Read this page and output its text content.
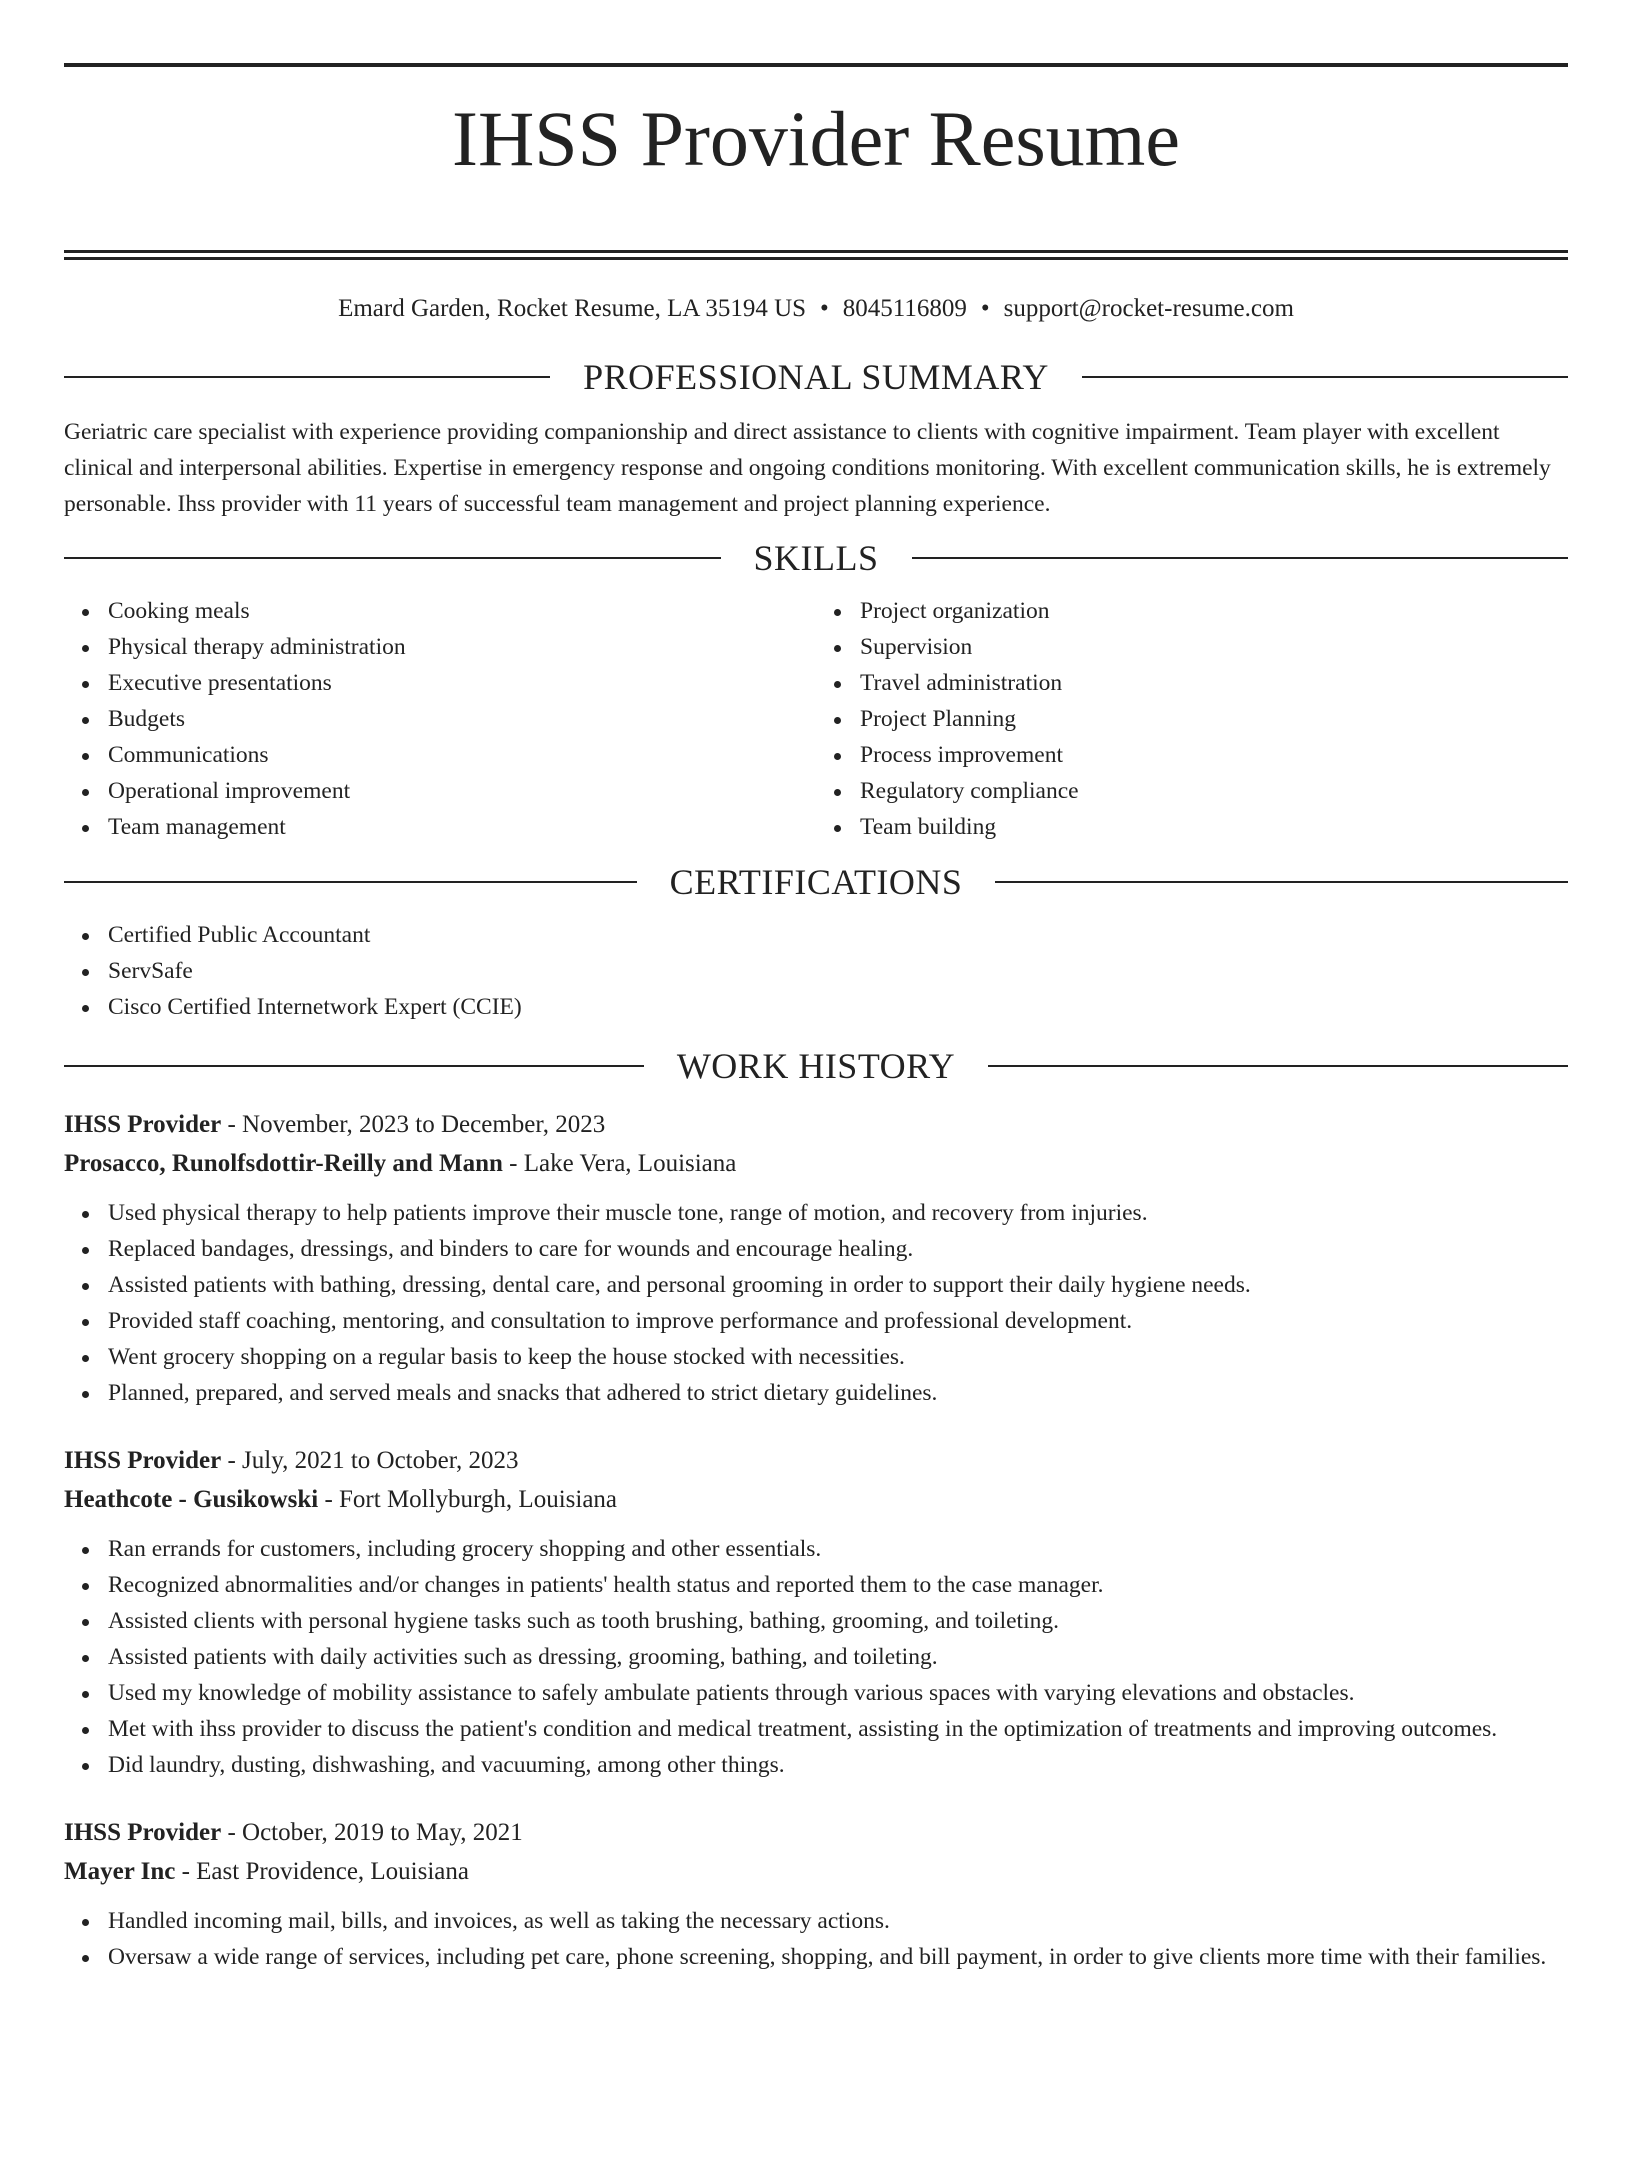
IHSS Provider Resume
Emard Garden, Rocket Resume, LA 35194 US • 8045116809 • support@rocket-resume.com
PROFESSIONAL SUMMARY
Geriatric care specialist with experience providing companionship and direct assistance to clients with cognitive impairment. Team player with excellent clinical and interpersonal abilities. Expertise in emergency response and ongoing conditions monitoring. With excellent communication skills, he is extremely personable. Ihss provider with 11 years of successful team management and project planning experience.
SKILLS
Cooking meals
Physical therapy administration
Executive presentations
Budgets
Communications
Operational improvement
Team management
Project organization
Supervision
Travel administration
Project Planning
Process improvement
Regulatory compliance
Team building
CERTIFICATIONS
Certified Public Accountant
ServSafe
Cisco Certified Internetwork Expert (CCIE)
WORK HISTORY
IHSS Provider - November, 2023 to December, 2023
Prosacco, Runolfsdottir-Reilly and Mann - Lake Vera, Louisiana
Used physical therapy to help patients improve their muscle tone, range of motion, and recovery from injuries.
Replaced bandages, dressings, and binders to care for wounds and encourage healing.
Assisted patients with bathing, dressing, dental care, and personal grooming in order to support their daily hygiene needs.
Provided staff coaching, mentoring, and consultation to improve performance and professional development.
Went grocery shopping on a regular basis to keep the house stocked with necessities.
Planned, prepared, and served meals and snacks that adhered to strict dietary guidelines.
IHSS Provider - July, 2021 to October, 2023
Heathcote - Gusikowski - Fort Mollyburgh, Louisiana
Ran errands for customers, including grocery shopping and other essentials.
Recognized abnormalities and/or changes in patients' health status and reported them to the case manager.
Assisted clients with personal hygiene tasks such as tooth brushing, bathing, grooming, and toileting.
Assisted patients with daily activities such as dressing, grooming, bathing, and toileting.
Used my knowledge of mobility assistance to safely ambulate patients through various spaces with varying elevations and obstacles.
Met with ihss provider to discuss the patient's condition and medical treatment, assisting in the optimization of treatments and improving outcomes.
Did laundry, dusting, dishwashing, and vacuuming, among other things.
IHSS Provider - October, 2019 to May, 2021
Mayer Inc - East Providence, Louisiana
Handled incoming mail, bills, and invoices, as well as taking the necessary actions.
Oversaw a wide range of services, including pet care, phone screening, shopping, and bill payment, in order to give clients more time with their families.
